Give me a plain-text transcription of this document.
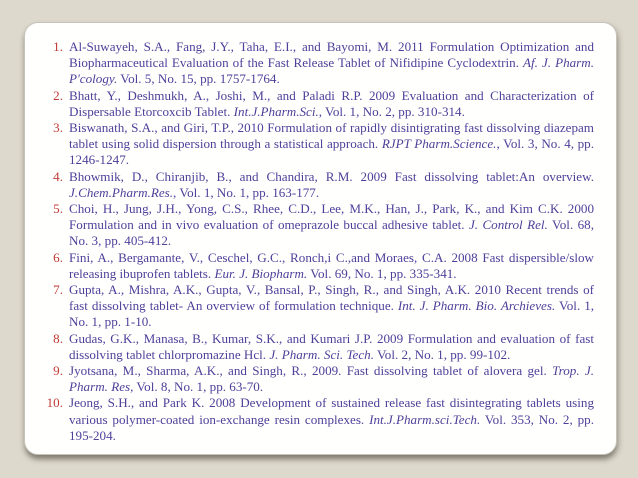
1. Al-Suwayeh, S.A., Fang, J.Y., Taha, E.I., and Bayomi, M. 2011 Formulation Optimization and Biopharmaceutical Evaluation of the Fast Release Tablet of Nifidipine Cyclodextrin. Af. J. Pharm. P'cology. Vol. 5, No. 15, pp. 1757-1764.
2. Bhatt, Y., Deshmukh, A., Joshi, M., and Paladi R.P. 2009 Evaluation and Characterization of Dispersable Etorcoxcib Tablet. Int.J.Pharm.Sci., Vol. 1, No. 2, pp. 310-314.
3. Biswanath, S.A., and Giri, T.P., 2010 Formulation of rapidly disintigrating fast dissolving diazepam tablet using solid dispersion through a statistical approach. RJPT Pharm.Science., Vol. 3, No. 4, pp. 1246-1247.
4. Bhowmik, D., Chiranjib, B., and Chandira, R.M. 2009 Fast dissolving tablet:An overview. J.Chem.Pharm.Res., Vol. 1, No. 1, pp. 163-177.
5. Choi, H., Jung, J.H., Yong, C.S., Rhee, C.D., Lee, M.K., Han, J., Park, K., and Kim C.K. 2000 Formulation and in vivo evaluation of omeprazole buccal adhesive tablet. J. Control Rel. Vol. 68, No. 3, pp. 405-412.
6. Fini, A., Bergamante, V., Ceschel, G.C., Ronch,i C.,and Moraes, C.A. 2008 Fast dispersible/slow releasing ibuprofen tablets. Eur. J. Biopharm. Vol. 69, No. 1, pp. 335-341.
7. Gupta, A., Mishra, A.K., Gupta, V., Bansal, P., Singh, R., and Singh, A.K. 2010 Recent trends of fast dissolving tablet- An overview of formulation technique. Int. J. Pharm. Bio. Archieves. Vol. 1, No. 1, pp. 1-10.
8. Gudas, G.K., Manasa, B., Kumar, S.K., and Kumari J.P. 2009 Formulation and evaluation of fast dissolving tablet chlorpromazine Hcl. J. Pharm. Sci. Tech. Vol. 2, No. 1, pp. 99-102.
9. Jyotsana, M., Sharma, A.K., and Singh, R., 2009. Fast dissolving tablet of alovera gel. Trop. J. Pharm. Res, Vol. 8, No. 1, pp. 63-70.
10. Jeong, S.H., and Park K. 2008 Development of sustained release fast disintegrating tablets using various polymer-coated ion-exchange resin complexes. Int.J.Pharm.sci.Tech. Vol. 353, No. 2, pp. 195-204.
